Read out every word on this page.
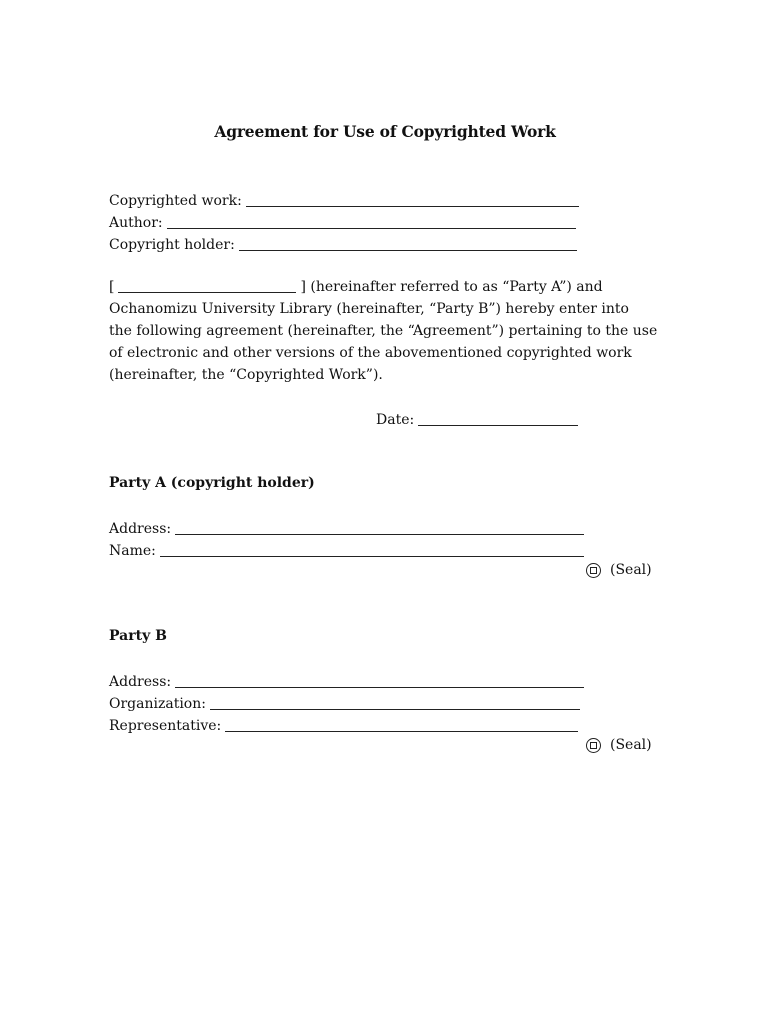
Agreement for Use of Copyrighted Work
Copyrighted work:
Author:
Copyright holder:
[	] (hereinafter referred to as “Party A”) and
Ochanomizu University Library (hereinafter, “Party B”) hereby enter into
the following agreement (hereinafter, the “Agreement”) pertaining to the use
of electronic and other versions of the abovementioned copyrighted work
(hereinafter, the “Copyrighted Work”).
Date:
Party A (copyright holder)
Address:
Name:
(Seal)
Party B
Address:
Organization:
Representative:
(Seal)
